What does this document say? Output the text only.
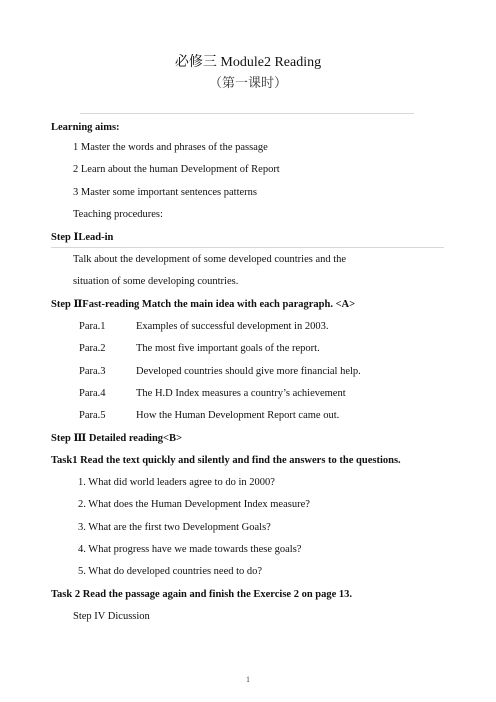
必修三 Module2 Reading
（第一课时）
Learning aims:
1 Master the words and phrases of the passage
2 Learn about the human Development of Report
3 Master some important sentences patterns
Teaching procedures:
Step ⅠLead-in
Talk about the development of some developed countries and the
situation of some developing countries.
Step ⅡFast-reading Match the main idea with each paragraph. <A>
Para.1	Examples of successful development in 2003.
Para.2	The most five important goals of the report.
Para.3	Developed countries should give more financial help.
Para.4	The H.D Index measures a country’s achievement
Para.5	How the Human Development Report came out.
Step Ⅲ Detailed reading<B>
Task1 Read the text quickly and silently and find the answers to the questions.
1. What did world leaders agree to do in 2000?
2. What does the Human Development Index measure?
3. What are the first two Development Goals?
4. What progress have we made towards these goals?
5. What do developed countries need to do?
Task 2 Read the passage again and finish the Exercise 2 on page 13.
Step IV Dicussion
1
